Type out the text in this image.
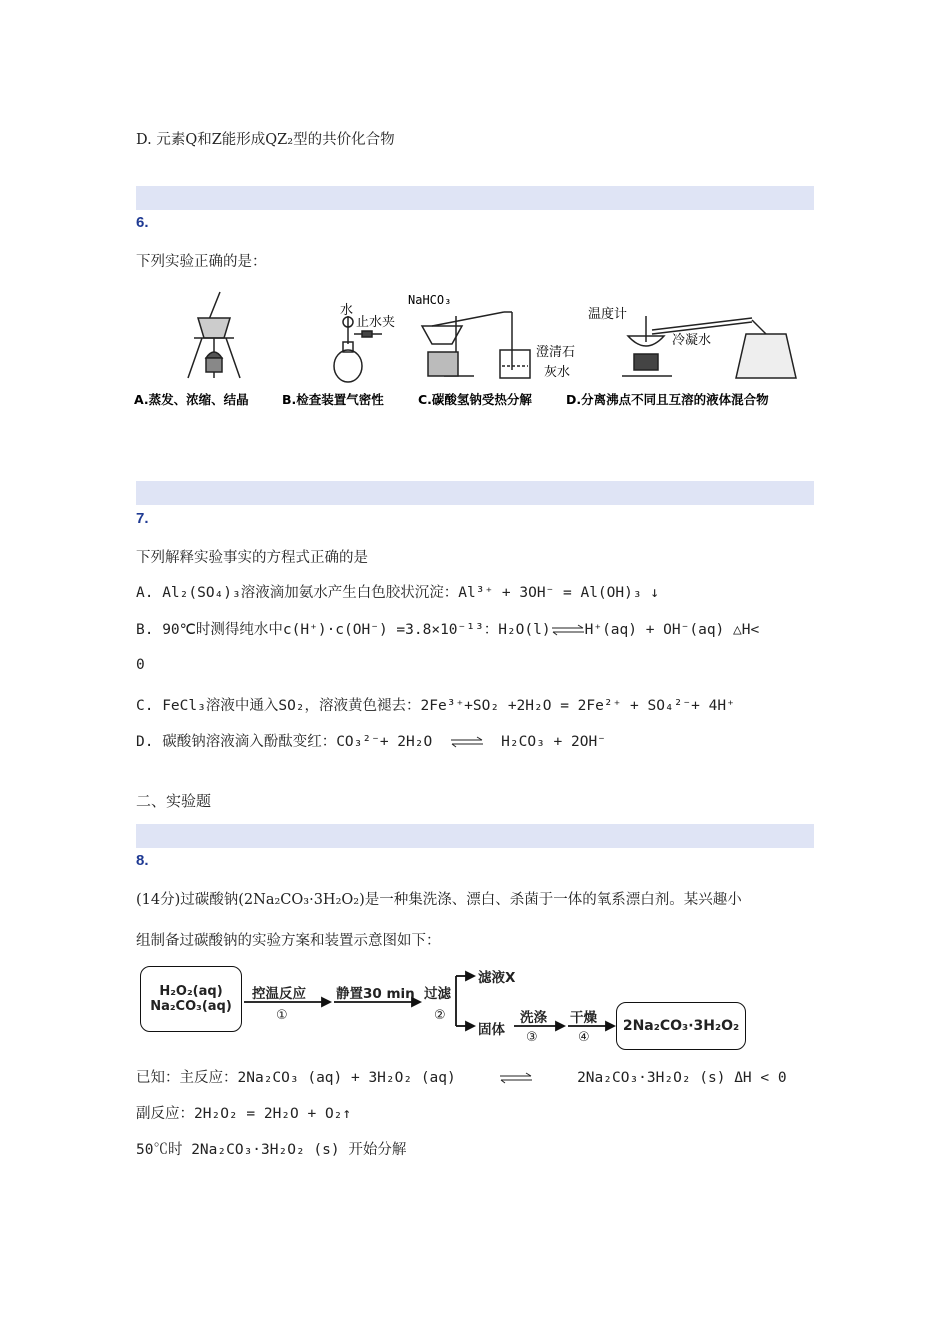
D. 元素Q和Z能形成QZ₂型的共价化合物
6.
下列实验正确的是：
水
止水夹
NaHCO₃
澄清石
灰水
温度计
冷凝水
A.蒸发、浓缩、结晶	B.检查装置气密性	C.碳酸氢钠受热分解	D.分离沸点不同且互溶的液体混合物
7.
下列解释实验事实的方程式正确的是
A. Al₂(SO₄)₃溶液滴加氨水产生白色胶状沉淀：Al³⁺ + 3OH⁻ = Al(OH)₃ ↓
B. 90℃时测得纯水中c(H⁺)·c(OH⁻) =3.8×10⁻¹³：H₂O(l)⇌H⁺(aq) + OH⁻(aq) △H<
0
C. FeCl₃溶液中通入SO₂，溶液黄色褪去：2Fe³⁺+SO₂ +2H₂O = 2Fe²⁺ + SO₄²⁻+ 4H⁺
D. 碳酸钠溶液滴入酚酞变红：CO₃²⁻+ 2H₂O ⇌ H₂CO₃ + 2OH⁻
二、实验题
8.
(14分)过碳酸钠(2Na₂CO₃·3H₂O₂)是一种集洗涤、漂白、杀菌于一体的氧系漂白剂。某兴趣小
组制备过碳酸钠的实验方案和装置示意图如下：
H₂O₂(aq)
Na₂CO₃(aq)
控温反应
①
静置30 min 过滤
②
滤液X
固体
洗涤
③
干燥
④
2Na₂CO₃·3H₂O₂
已知：主反应：2Na₂CO₃ (aq) + 3H₂O₂ (aq)	2Na₂CO₃·3H₂O₂ (s) ΔH < 0
副反应：2H₂O₂ = 2H₂O + O₂↑
50℃时 2Na₂CO₃·3H₂O₂ (s) 开始分解
